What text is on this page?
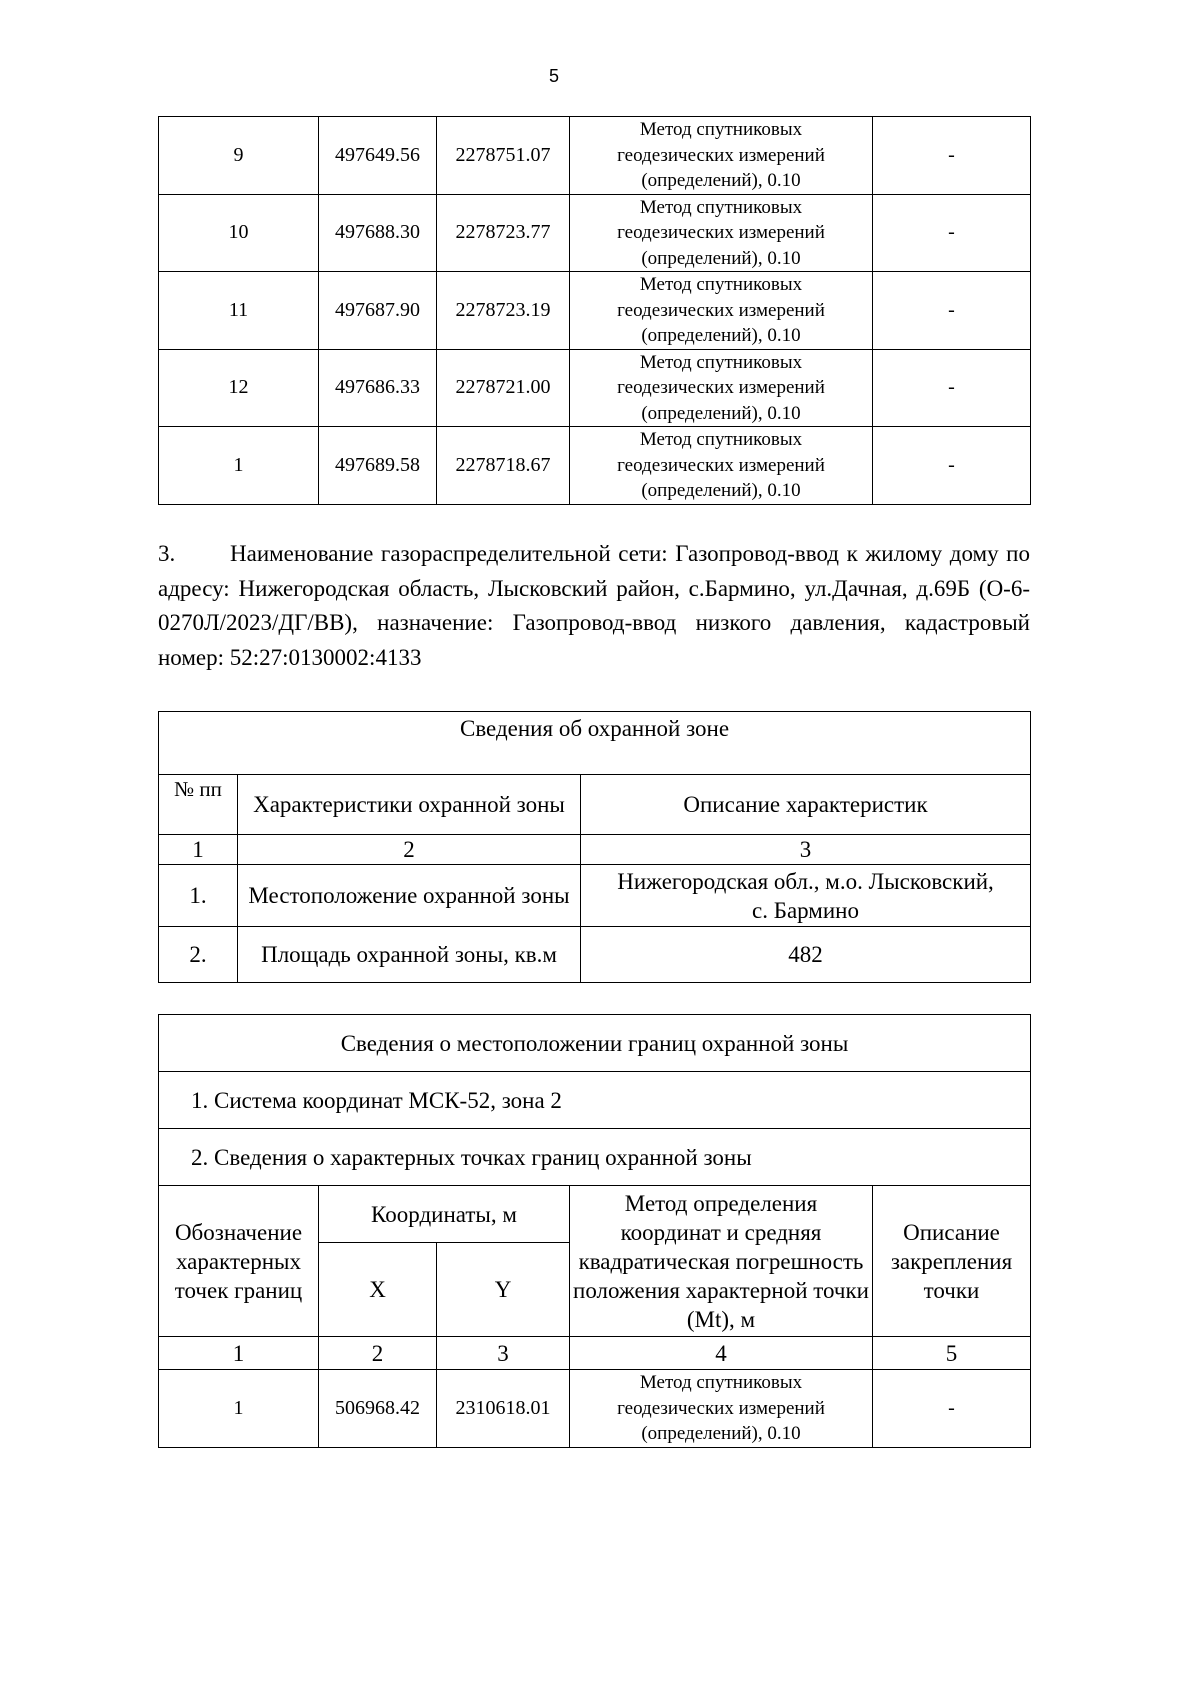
5
9	497649.56	2278751.07	Метод спутниковых
геодезических измерений
(определений), 0.10	-
10	497688.30	2278723.77	Метод спутниковых
геодезических измерений
(определений), 0.10	-
11	497687.90	2278723.19	Метод спутниковых
геодезических измерений
(определений), 0.10	-
12	497686.33	2278721.00	Метод спутниковых
геодезических измерений
(определений), 0.10	-
1	497689.58	2278718.67	Метод спутниковых
геодезических измерений
(определений), 0.10	-
3. Наименование газораспределительной сети: Газопровод-ввод к жилому дому по адресу: Нижегородская область, Лысковский район, с.Бармино, ул.Дачная, д.69Б (О-6-0270Л/2023/ДГ/ВВ), назначение: Газопровод-ввод низкого давления, кадастровый номер: 52:27:0130002:4133
Сведения об охранной зоне		
№ пп	Характеристики охранной зоны	Описание характеристик
1	2	3
1.	Местоположение охранной зоны	Нижегородская обл., м.о. Лысковский,
с. Бармино

2.	Площадь охранной зоны, кв.м	482
Сведения о местоположении границ охранной зоны				
1. Система координат МСК-52, зона 2				
2. Сведения о характерных точках границ охранной зоны				
Обозначение характерных точек границ	Координаты, м		Метод определения координат и средняя квадратическая погрешность положения характерной точки (Mt), м	Описание закрепления точки
	X	Y		
1	2	3	4	5
1	506968.42	2310618.01	Метод спутниковых
геодезических измерений
(определений), 0.10	-
